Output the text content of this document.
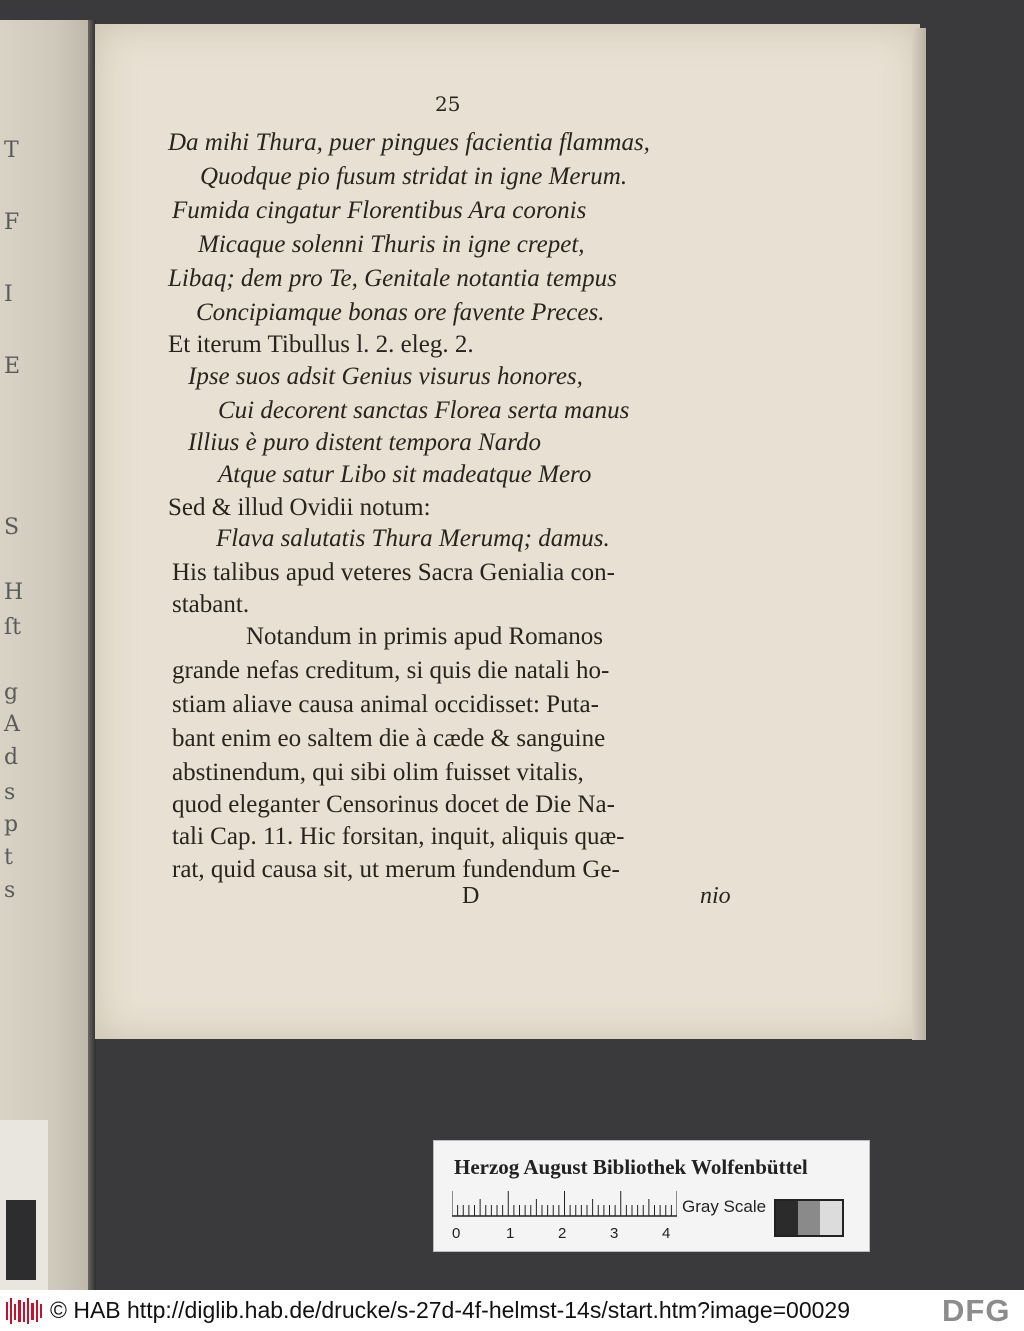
T
F
I
E
S
H
ſt
g
A
d
s
p
t
s
25
Da mihi Thura, puer pingues facientia flammas,
Quodque pio fusum stridat in igne Merum.
Fumida cingatur Florentibus Ara coronis
Micaque solenni Thuris in igne crepet,
Libaq; dem pro Te, Genitale notantia tempus
Concipiamque bonas ore favente Preces.
Et iterum Tibullus l. 2. eleg. 2.
Ipse suos adsit Genius visurus honores,
Cui decorent sanctas Florea serta manus
Illius è puro distent tempora Nardo
Atque satur Libo sit madeatque Mero
Sed & illud Ovidii notum:
Flava salutatis Thura Merumq; damus.
His talibus apud veteres Sacra Genialia con-
stabant.
Notandum in primis apud Romanos
grande nefas creditum, si quis die natali ho-
stiam aliave causa animal occidisset: Puta-
bant enim eo saltem die à cæde & sanguine
abstinendum, qui sibi olim fuisset vitalis,
quod eleganter Censorinus docet de Die Na-
tali Cap. 11. Hic forsitan, inquit, aliquis quæ-
rat, quid causa sit, ut merum fundendum Ge-
D	nio
Herzog August Bibliothek Wolfenbüttel
0	1	2	3	4
Gray Scale
© HAB http://diglib.hab.de/drucke/s-27d-4f-helmst-14s/start.htm?image=00029	DFG
